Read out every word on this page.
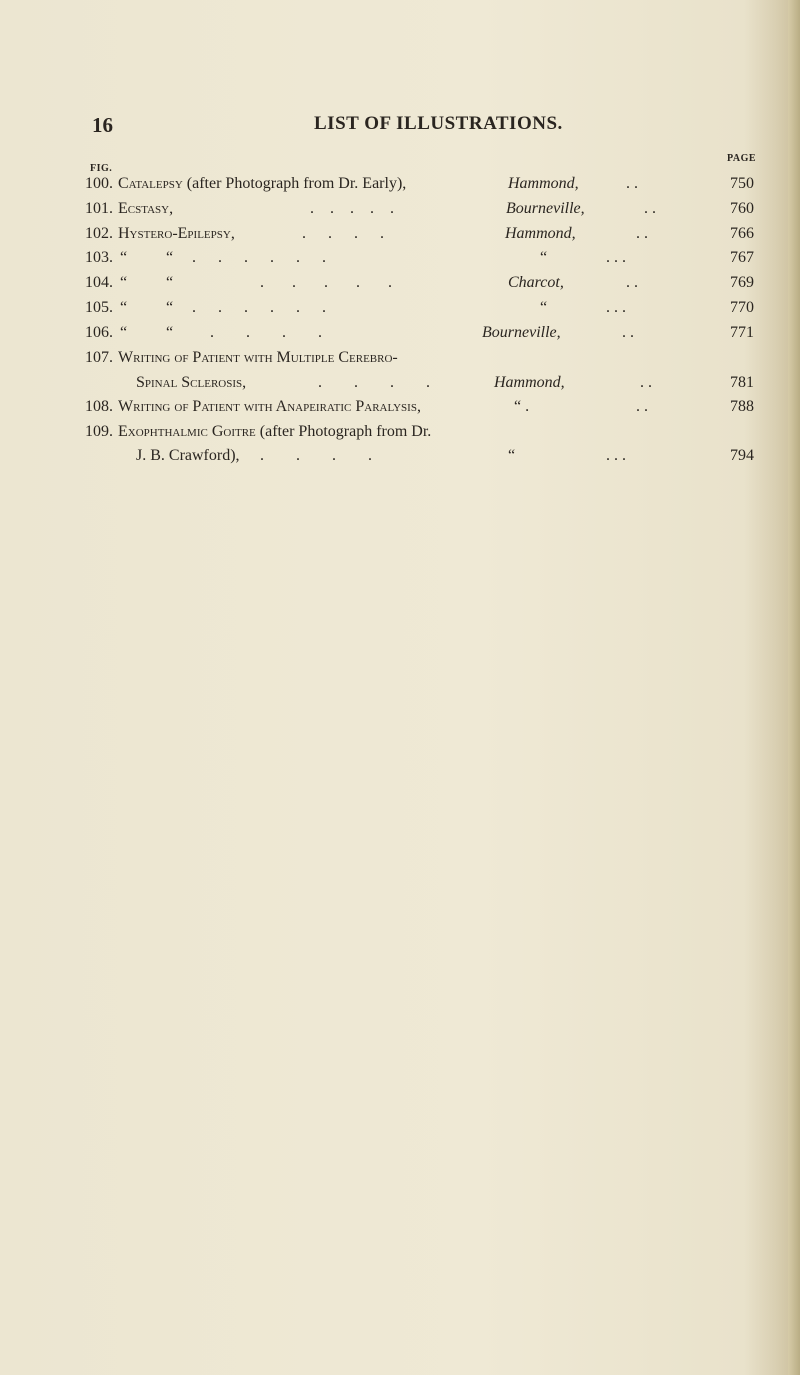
16	LIST OF ILLUSTRATIONS.
FIG.
PAGE
100. Catalepsy (after Photograph from Dr. Early),	Hammond,	. .	750
101. Ecstasy,	. . . . .	Bourneville,	. .	760
102. Hystero-Epilepsy,	. . . .	Hammond,	. .	766
103. “ “ . . . . . .	“	. . .	767
104. “ “	. . . . .	Charcot,	. .	769
105. “ “ . . . . . .	“	. . .	770
106. “ “ . . . .	Bourneville,	. .	771
107. Writing of Patient with Multiple Cerebro-
Spinal Sclerosis,	. . . .	Hammond,	. .	781
108. Writing of Patient with Anapeiratic Paralysis,	“ .	. .	788
109. Exophthalmic Goitre (after Photograph from Dr.
J. B. Crawford), . . . .	“	. . .	794
